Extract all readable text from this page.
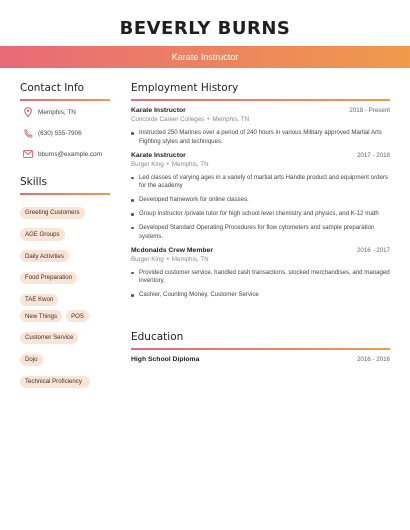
BEVERLY BURNS
Karate Instructor
Contact Info
Memphis, TN
(630) 555-7906
bburns@example.com
Skills
Greeting Customers
AGE Groups
Daily Activities
Food Preparation
TAE Kwon
New Things	POS
Customer Service
Dojo
Technical Proficiency
Employment History
Karate Instructor	2018 - Present
Concorde Career Colleges • Memphis, TN
Instructed 250 Marines over a period of 240 hours in various Military approved Martial Arts Fighting styles and techniques.
Karate Instructor	2017 - 2018
Burger King • Memphis, TN
Led classes of varying ages in a variety of martial arts Handle product and equipment orders for the academy
Developed framework for online classes.
Group instructor /private tutor for high school level chemistry and physics, and K-12 math
Developed Standard Operating Procedures for flow cytometers and sample preparation systems.
Mcdonalds Crew Member	2016 - 2017
Burger King • Memphis, TN
Provided customer service, handled cash transactions, stocked merchandises, and managed inventory.
Cashier, Counting Money, Customer Service
Education
High School Diploma	2016 - 2016
